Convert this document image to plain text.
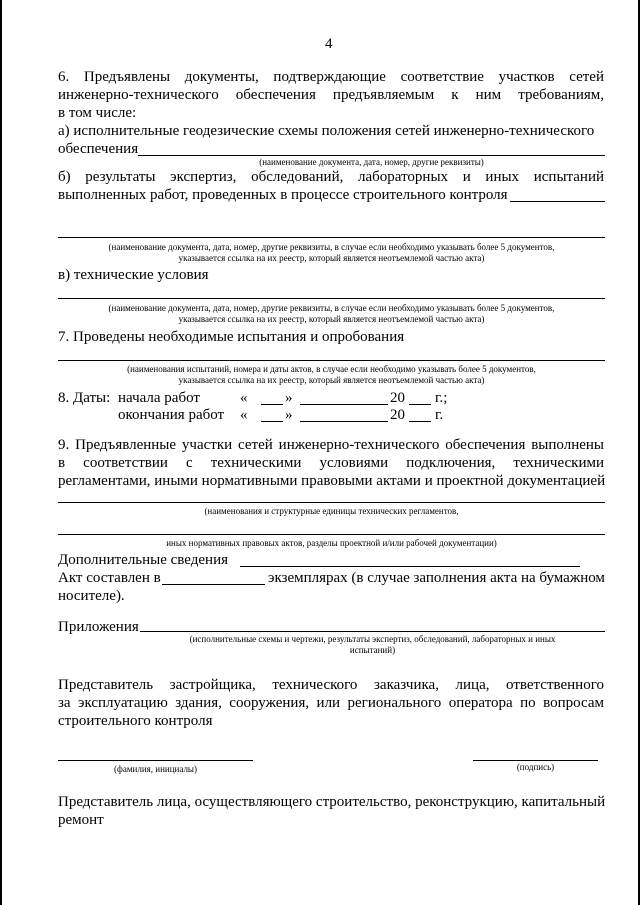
4
6. Предъявлены документы, подтверждающие соответствие участков сетей
инженерно-технического обеспечения предъявляемым к ним требованиям,
в том числе:
а) исполнительные геодезические схемы положения сетей инженерно-технического
обеспечения
(наименование документа, дата, номер, другие реквизиты)
б) результаты экспертиз, обследований, лабораторных и иных испытаний
выполненных работ, проведенных в процессе строительного контроля
(наименование документа, дата, номер, другие реквизиты, в случае если необходимо указывать более 5 документов,
указывается ссылка на их реестр, который является неотъемлемой частью акта)
в) технические условия
(наименование документа, дата, номер, другие реквизиты, в случае если необходимо указывать более 5 документов,
указывается ссылка на их реестр, который является неотъемлемой частью акта)
7. Проведены необходимые испытания и опробования
(наименования испытаний, номера и даты актов, в случае если необходимо указывать более 5 документов,
указывается ссылка на их реестр, который является неотъемлемой частью акта)
8. Даты: начала работ	«	»	20 г.;
окончания работ «	»	20 г.
9. Предъявленные участки сетей инженерно-технического обеспечения выполнены
в соответствии с техническими условиями подключения, техническими
регламентами, иными нормативными правовыми актами и проектной документацией
(наименования и структурные единицы технических регламентов,
иных нормативных правовых актов, разделы проектной и/или рабочей документации)
Дополнительные сведения
Акт составлен в	экземплярах (в случае заполнения акта на бумажном
носителе).
Приложения
(исполнительные схемы и чертежи, результаты экспертиз, обследований, лабораторных и иных
испытаний)
Представитель застройщика, технического заказчика, лица, ответственного
за эксплуатацию здания, сооружения, или регионального оператора по вопросам
строительного контроля
(фамилия, инициалы)	(подпись)
Представитель лица, осуществляющего строительство, реконструкцию, капитальный
ремонт
